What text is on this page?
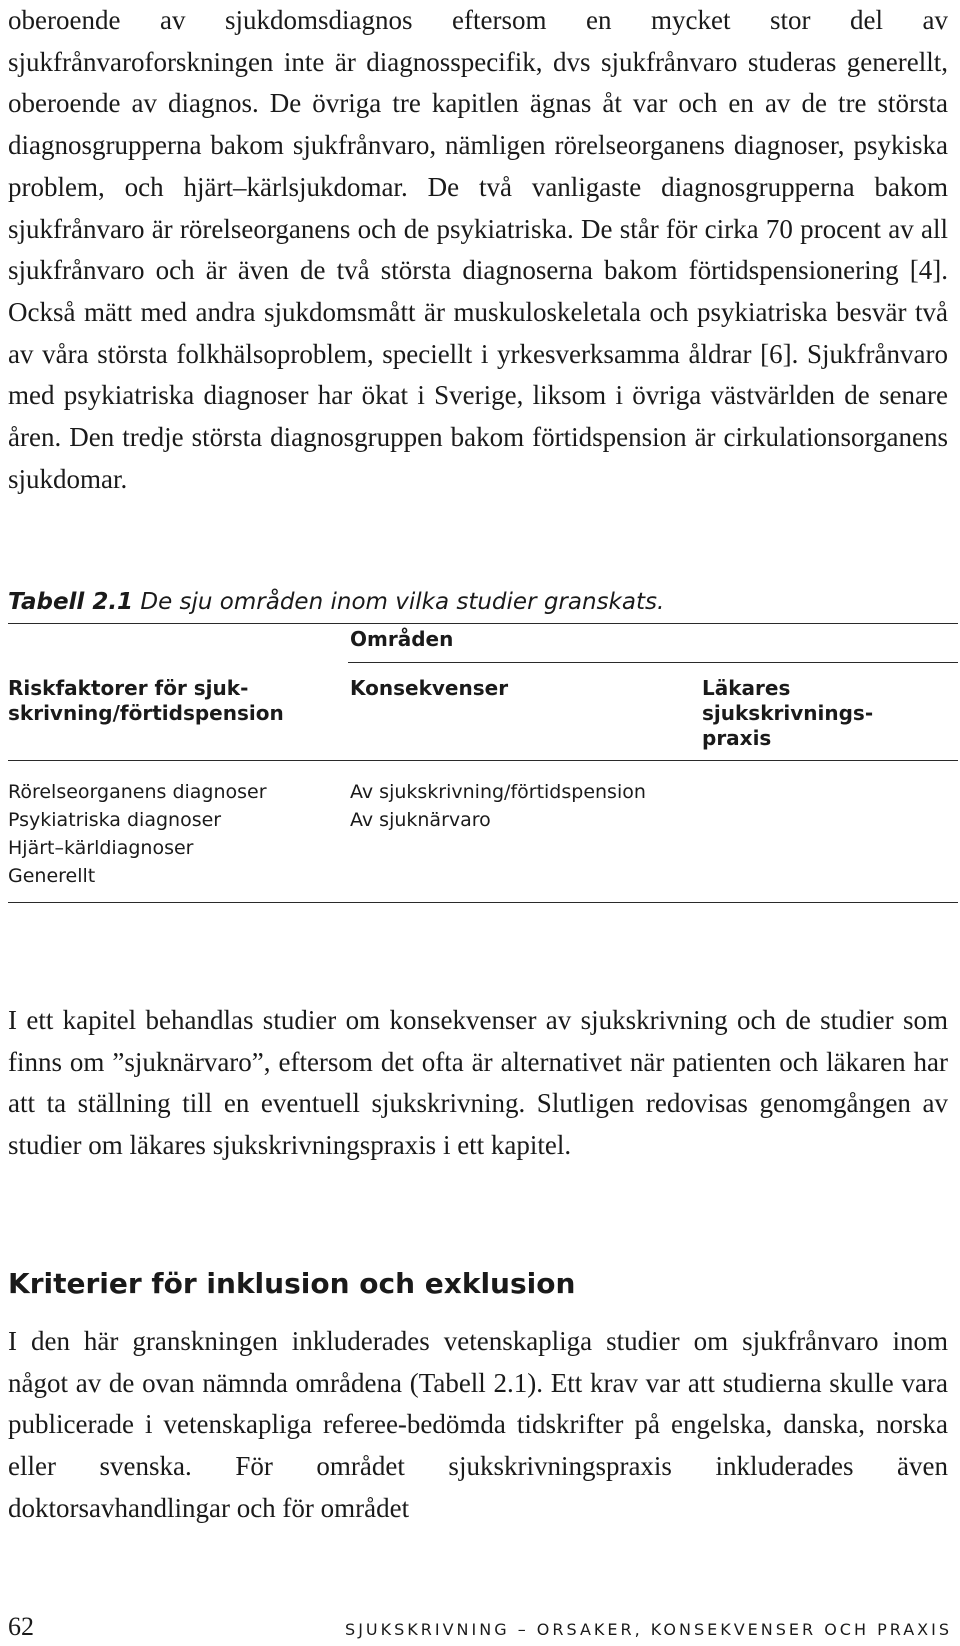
oberoende av sjukdomsdiagnos eftersom en mycket stor del av sjukfrånvaroforskningen inte är diagnosspecifik, dvs sjukfrånvaro studeras generellt, oberoende av diagnos. De övriga tre kapitlen ägnas åt var och en av de tre största diagnosgrupperna bakom sjukfrånvaro, nämligen rörelseorganens diagnoser, psykiska problem, och hjärt–kärlsjukdomar. De två vanligaste diagnosgrupperna bakom sjukfrånvaro är rörelseorganens och de psykiatriska. De står för cirka 70 procent av all sjukfrånvaro och är även de två största diagnoserna bakom förtidspensionering [4]. Också mätt med andra sjukdomsmått är muskuloskeletala och psykiatriska besvär två av våra största folkhälsoproblem, speciellt i yrkesverksamma åldrar [6]. Sjukfrånvaro med psykiatriska diagnoser har ökat i Sverige, liksom i övriga västvärlden de senare åren. Den tredje största diagnosgruppen bakom förtidspension är cirkulationsorganens sjukdomar.
Tabell 2.1 De sju områden inom vilka studier granskats.
Områden
Riskfaktorer för sjuk-
skrivning/förtidspension
Konsekvenser	Läkares
sjukskrivnings-
praxis
Rörelseorganens diagnoser
Psykiatriska diagnoser
Hjärt–kärldiagnoser
Generellt
Av sjukskrivning/förtidspension
Av sjuknärvaro
I ett kapitel behandlas studier om konsekvenser av sjukskrivning och de studier som finns om ”sjuknärvaro”, eftersom det ofta är alternativet när patienten och läkaren har att ta ställning till en eventuell sjukskrivning. Slutligen redovisas genomgången av studier om läkares sjukskrivningspraxis i ett kapitel.
Kriterier för inklusion och exklusion
I den här granskningen inkluderades vetenskapliga studier om sjukfrånvaro inom något av de ovan nämnda områdena (Tabell 2.1). Ett krav var att studierna skulle vara publicerade i vetenskapliga referee-bedömda tidskrifter på engelska, danska, norska eller svenska. För området sjukskrivningspraxis inkluderades även doktorsavhandlingar och för området
62	SJUKSKRIVNING – ORSAKER, KONSEKVENSER OCH PRAXIS
